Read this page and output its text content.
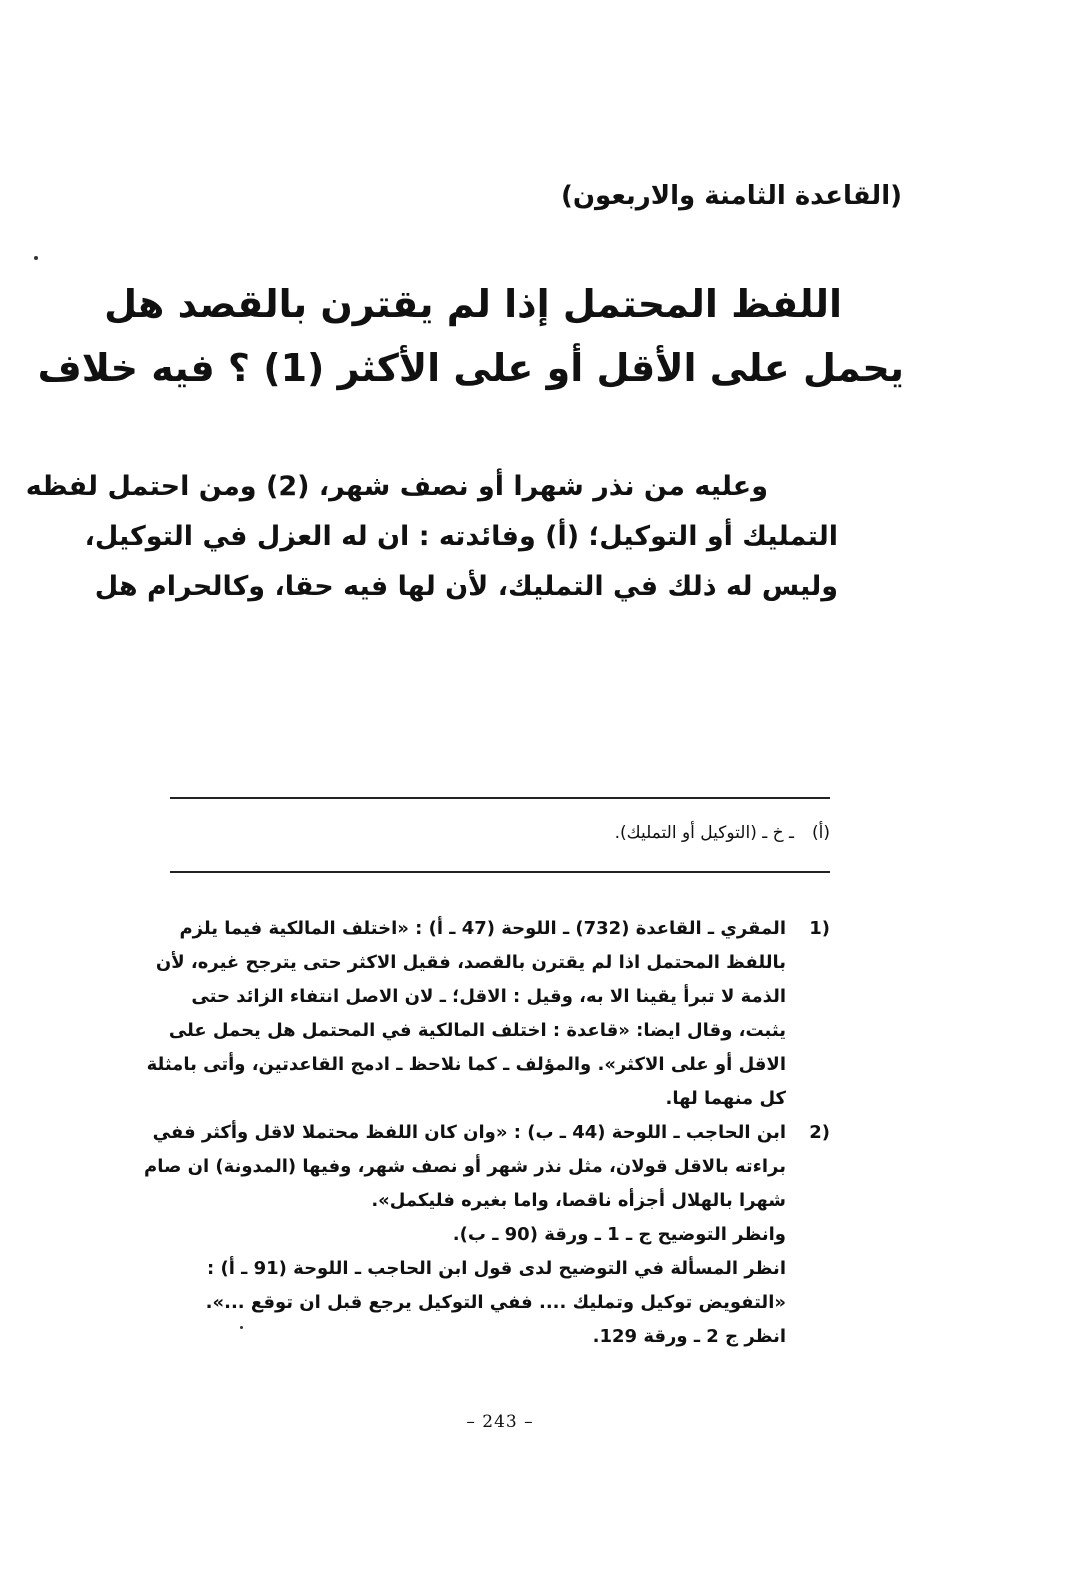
(القاعدة الثامنة والاربعون)
اللفظ المحتمل إذا لم يقترن بالقصد هل
يحمل على الأقل أو على الأكثر (1) ؟ فيه خلاف
وعليه من نذر شهرا أو نصف شهر، (2) ومن احتمل لفظه
التمليك أو التوكيل؛ (أ) وفائدته : ان له العزل في التوكيل،
وليس له ذلك في التمليك، لأن لها فيه حقا، وكالحرام هل
(أ)ـ خ ـ (التوكيل أو التمليك).
1)
المقري ـ القاعدة (732) ـ اللوحة (47 ـ أ) : «اختلف المالكية فيما يلزم
باللفظ المحتمل اذا لم يقترن بالقصد، فقيل الاكثر حتى يترجح غيره، لأن
الذمة لا تبرأ يقينا الا به، وقيل : الاقل؛ ـ لان الاصل انتفاء الزائد حتى
يثبت، وقال ايضا: «قاعدة : اختلف المالكية في المحتمل هل يحمل على
الاقل أو على الاكثر». والمؤلف ـ كما نلاحظ ـ ادمج القاعدتين، وأتى بامثلة
كل منهما لها.
2)
ابن الحاجب ـ اللوحة (44 ـ ب) : «وان كان اللفظ محتملا لاقل وأكثر ففي
براءته بالاقل قولان، مثل نذر شهر أو نصف شهر، وفيها (المدونة) ان صام
شهرا بالهلال أجزأه ناقصا، واما بغيره فليكمل».
وانظر التوضيح ج ـ 1 ـ ورقة (90 ـ ب).
انظر المسألة في التوضيح لدى قول ابن الحاجب ـ اللوحة (91 ـ أ) :
«التفويض توكيل وتمليك .... ففي التوكيل يرجع قبل ان توقع ...».
انظر ج 2 ـ ورقة 129.
– 243 –
